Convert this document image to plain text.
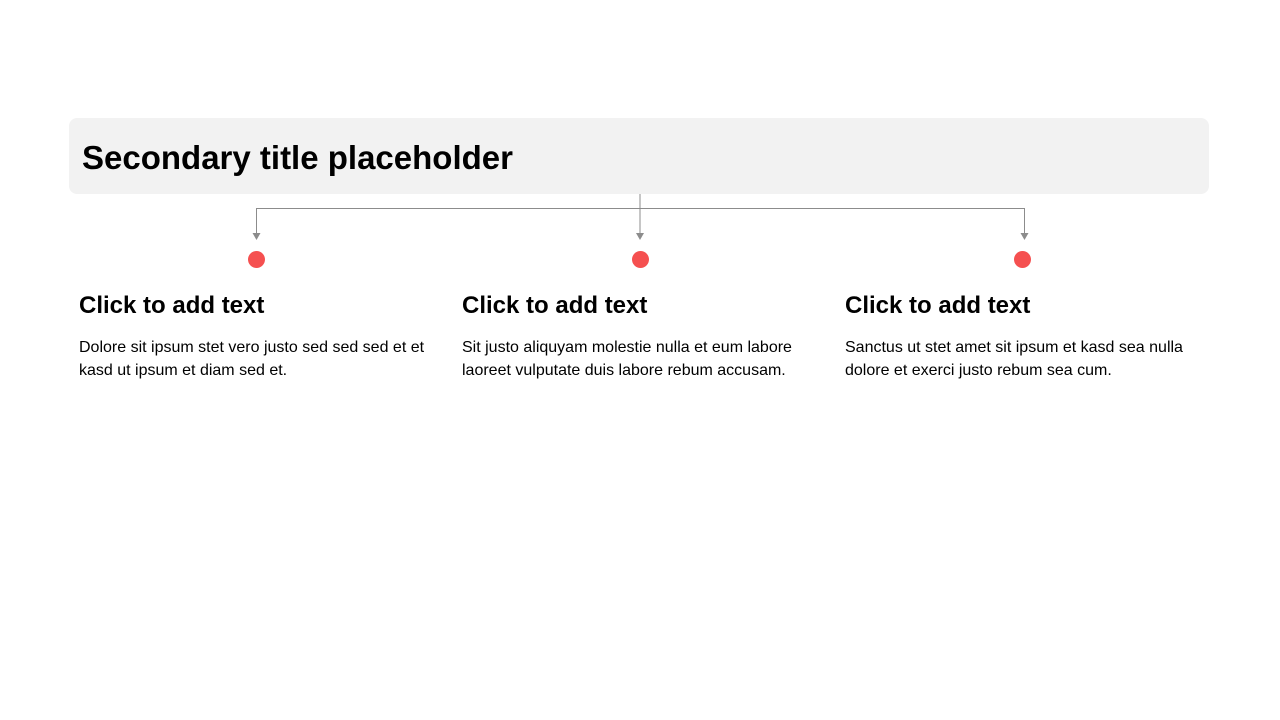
Secondary title placeholder
Click to add text

Dolore sit ipsum stet vero justo sed sed sed et et kasd ut ipsum et diam sed et.

Click to add text

Sit justo aliquyam molestie nulla et eum labore laoreet vulputate duis labore rebum accusam.

Click to add text

Sanctus ut stet amet sit ipsum et kasd sea nulla dolore et exerci justo rebum sea cum.
